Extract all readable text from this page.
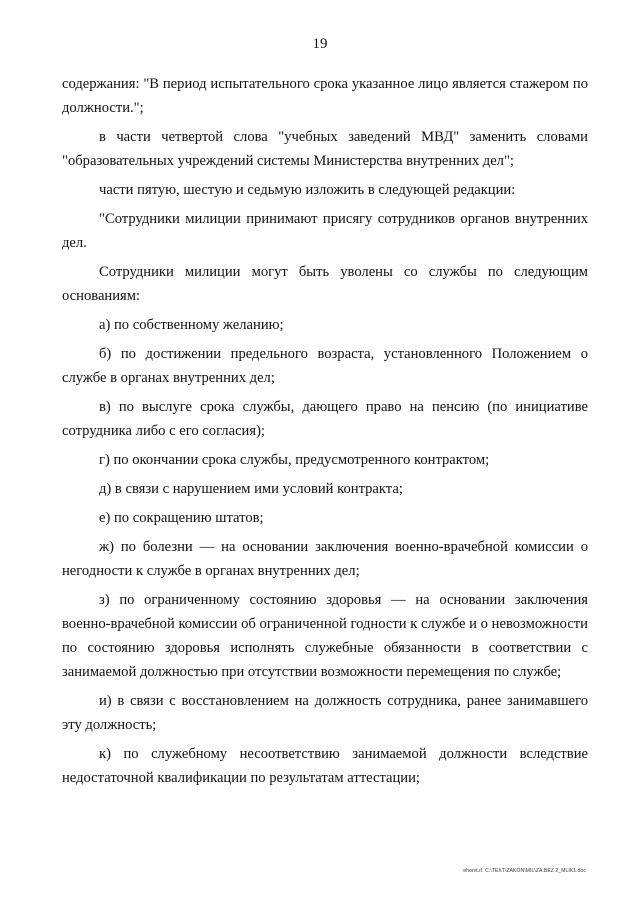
19

содержания: "В период испытательного срока указанное лицо является стажером по должности.";

в части четвертой слова "учебных заведений МВД" заменить словами "образовательных учреждений системы Министерства внутренних дел";

части пятую, шестую и седьмую изложить в следующей редакции:

"Сотрудники милиции принимают присягу сотрудников органов внутренних дел.

Сотрудники милиции могут быть уволены со службы по следующим основаниям:

а) по собственному желанию;

б) по достижении предельного возраста, установленного Положением о службе в органах внутренних дел;

в) по выслуге срока службы, дающего право на пенсию (по инициативе сотрудника либо с его согласия);

г) по окончании срока службы, предусмотренного контрактом;

д) в связи с нарушением ими условий контракта;

е) по сокращению штатов;

ж) по болезни — на основании заключения военно-врачебной комиссии о негодности к службе в органах внутренних дел;

з) по ограниченному состоянию здоровья — на основании заключения военно-врачебной комиссии об ограниченной годности к службе и о невозможности по состоянию здоровья исполнять служебные обязанности в соответствии с занимаемой должностью при отсутствии возможности перемещения по службе;

и) в связи с восстановлением на должность сотрудника, ранее занимавшего эту должность;

к) по служебному несоответствию занимаемой должности вследствие недостаточной квалификации по результатам аттестации;

ehorvt.rl. C:\TEXT\ZAKON\MIL\ZA.BEZ 2_MLIK1.doc
